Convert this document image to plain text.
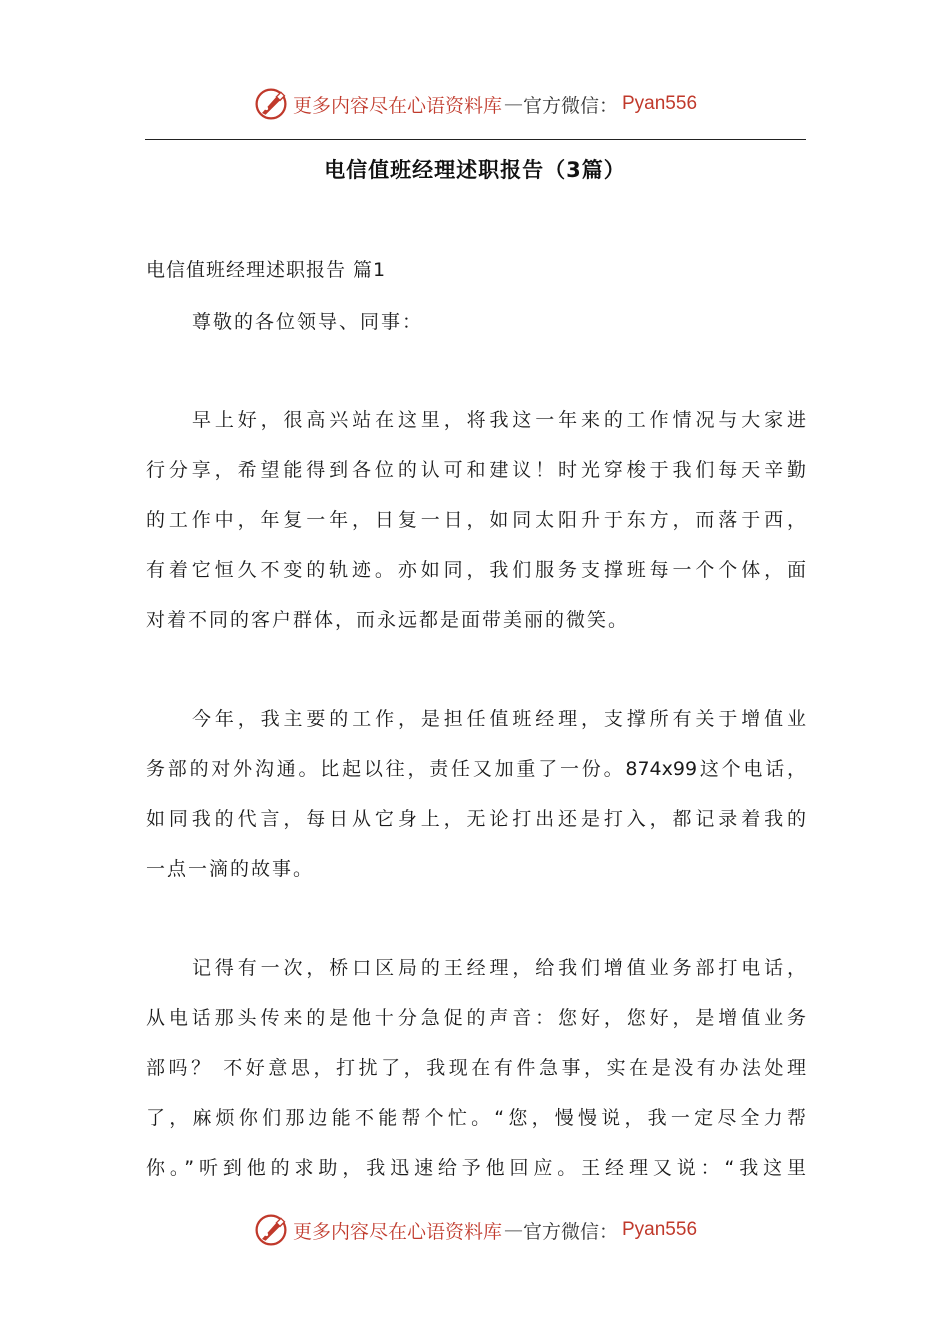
更多内容尽在心语资料库 — 官方微信： Pyan556
电信值班经理述职报告（3篇）
电信值班经理述职报告 篇1
尊敬的各位领导、同事：
早上好，很高兴站在这里，将我这一年来的工作情况与大家进
行分享，希望能得到各位的认可和建议！时光穿梭于我们每天辛勤
的工作中，年复一年，日复一日，如同太阳升于东方，而落于西，
有着它恒久不变的轨迹。亦如同，我们服务支撑班每一个个体，面
对着不同的客户群体，而永远都是面带美丽的微笑。
今年，我主要的工作，是担任值班经理，支撑所有关于增值业
务部的对外沟通。比起以往，责任又加重了一份。874x99这个电话，
如同我的代言，每日从它身上，无论打出还是打入，都记录着我的
一点一滴的故事。
记得有一次，桥口区局的王经理，给我们增值业务部打电话，
从电话那头传来的是他十分急促的声音：您好，您好，是增值业务
部吗？ 不好意思，打扰了，我现在有件急事，实在是没有办法处理
了，麻烦你们那边能不能帮个忙。“您，慢慢说，我一定尽全力帮
你。”听到他的求助，我迅速给予他回应。王经理又说：“我这里
更多内容尽在心语资料库 — 官方微信： Pyan556
